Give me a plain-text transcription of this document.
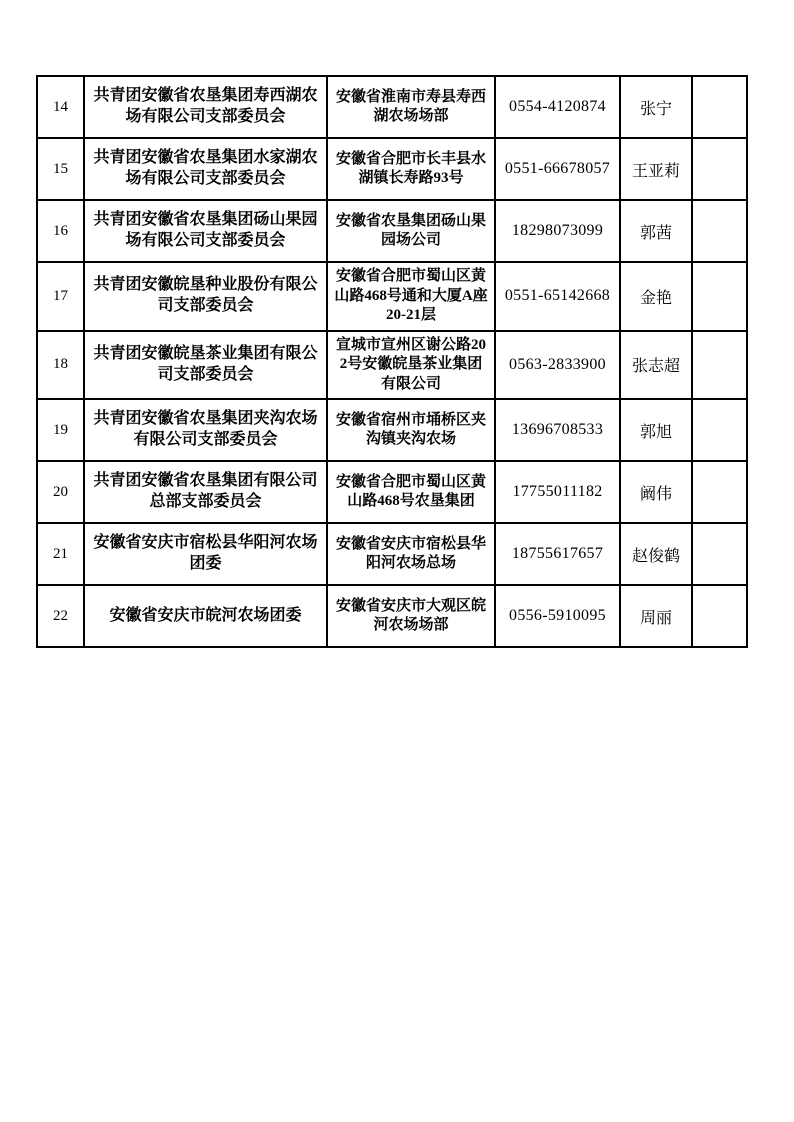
14	共青团安徽省农垦集团寿西湖农场有限公司支部委员会	安徽省淮南市寿县寿西湖农场场部	0554-4120874	张宁	
15	共青团安徽省农垦集团水家湖农场有限公司支部委员会	安徽省合肥市长丰县水湖镇长寿路93号	0551-66678057	王亚莉	
16	共青团安徽省农垦集团砀山果园场有限公司支部委员会	安徽省农垦集团砀山果园场公司	18298073099	郭茜	
17	共青团安徽皖垦种业股份有限公司支部委员会	安徽省合肥市蜀山区黄山路468号通和大厦A座20-21层	0551-65142668	金艳	
18	共青团安徽皖垦茶业集团有限公司支部委员会	宣城市宣州区谢公路202号安徽皖垦茶业集团有限公司	0563-2833900	张志超	
19	共青团安徽省农垦集团夹沟农场有限公司支部委员会	安徽省宿州市埇桥区夹沟镇夹沟农场	13696708533	郭旭	
20	共青团安徽省农垦集团有限公司总部支部委员会	安徽省合肥市蜀山区黄山路468号农垦集团	17755011182	阚伟	
21	安徽省安庆市宿松县华阳河农场团委	安徽省安庆市宿松县华阳河农场总场	18755617657	赵俊鹤	
22	安徽省安庆市皖河农场团委	安徽省安庆市大观区皖河农场场部	0556-5910095	周丽	
